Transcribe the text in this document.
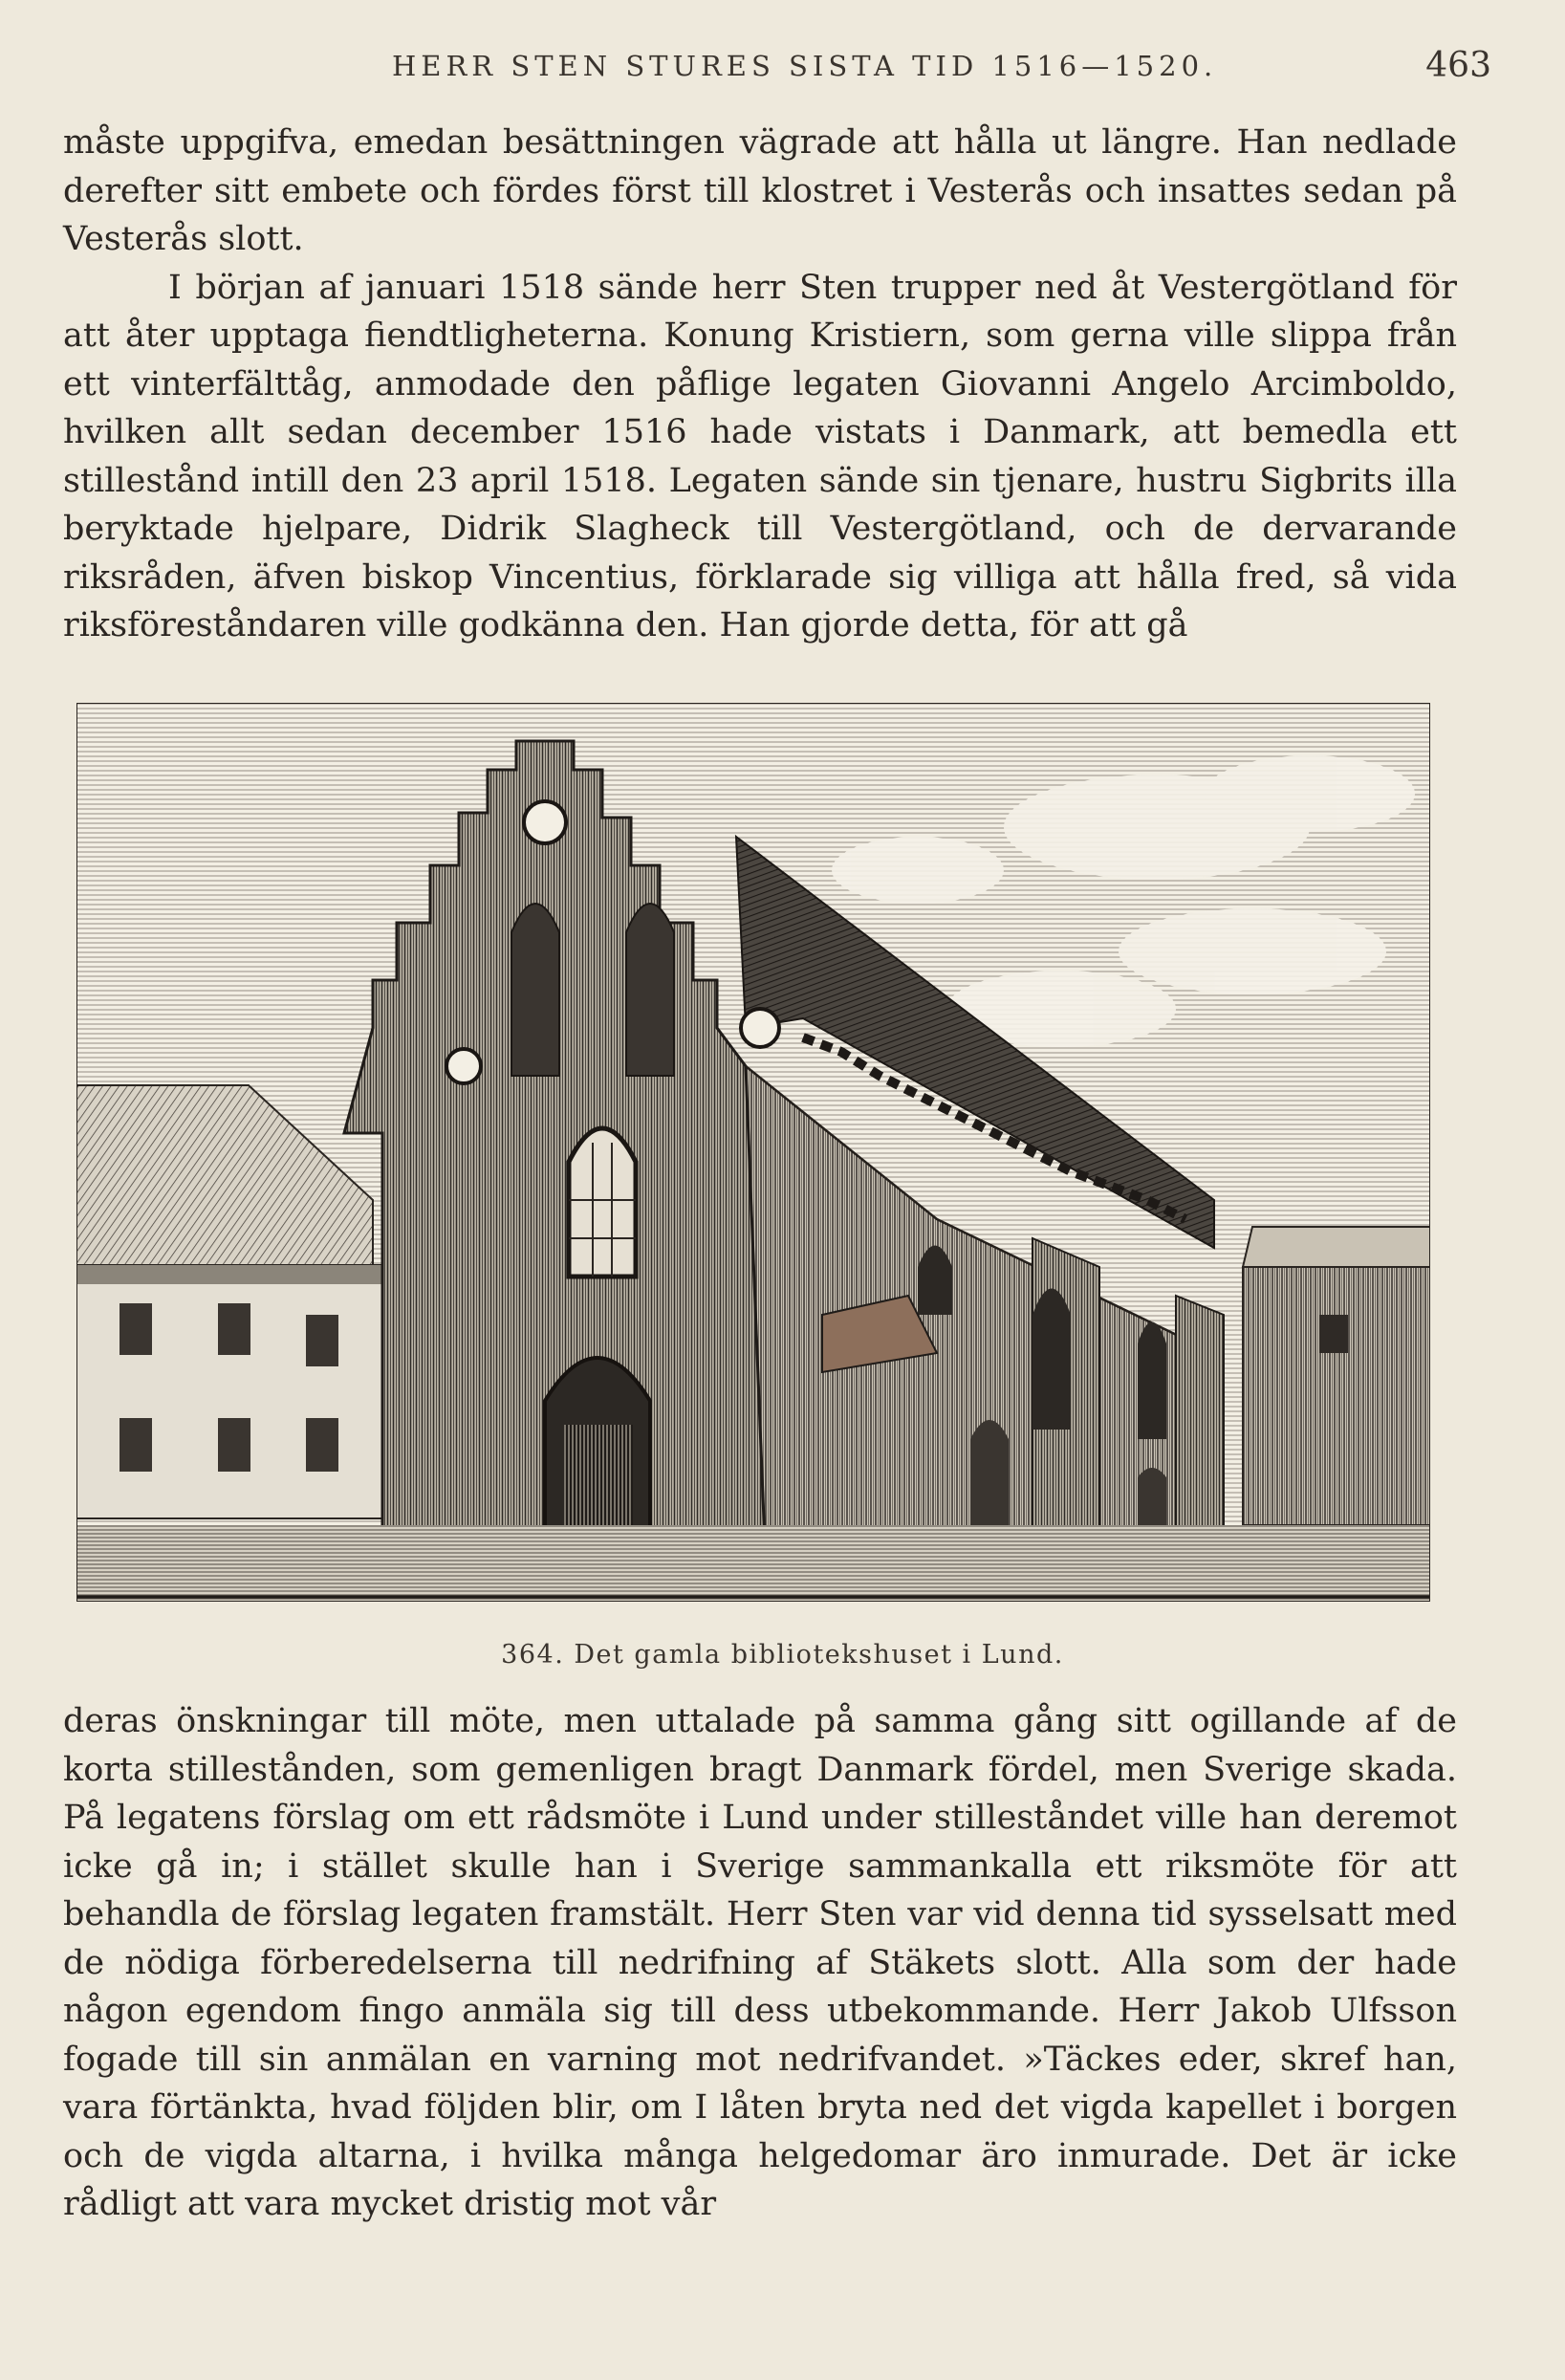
HERR STEN STURES SISTA TID 1516—1520.	463

måste uppgifva, emedan besättningen vägrade att hålla ut längre. Han nedlade derefter sitt embete och fördes först till klostret i Vesterås och insattes sedan på Vesterås slott.

I början af januari 1518 sände herr Sten trupper ned åt Vestergötland för att åter upptaga fiendtligheterna. Konung Kristiern, som gerna ville slippa från ett vinterfälttåg, anmodade den påflige legaten Giovanni Angelo Arcimboldo, hvilken allt sedan december 1516 hade vistats i Danmark, att bemedla ett stillestånd intill den 23 april 1518. Legaten sände sin tjenare, hustru Sigbrits illa beryktade hjelpare, Didrik Slagheck till Vestergötland, och de dervarande riksråden, äfven biskop Vincentius, förklarade sig villiga att hålla fred, så vida riksföreståndaren ville godkänna den. Han gjorde detta, för att gå

364. Det gamla bibliotekshuset i Lund.

deras önskningar till möte, men uttalade på samma gång sitt ogillande af de korta stillestånden, som gemenligen bragt Danmark fördel, men Sverige skada. På legatens förslag om ett rådsmöte i Lund under stilleståndet ville han deremot icke gå in; i stället skulle han i Sverige sammankalla ett riksmöte för att behandla de förslag legaten framstält. Herr Sten var vid denna tid sysselsatt med de nödiga förberedelserna till nedrifning af Stäkets slott. Alla som der hade någon egendom fingo anmäla sig till dess utbekommande. Herr Jakob Ulfsson fogade till sin anmälan en varning mot nedrifvandet. »Täckes eder, skref han, vara förtänkta, hvad följden blir, om I låten bryta ned det vigda kapellet i borgen och de vigda altarna, i hvilka många helgedomar äro inmurade. Det är icke rådligt att vara mycket dristig mot vår
